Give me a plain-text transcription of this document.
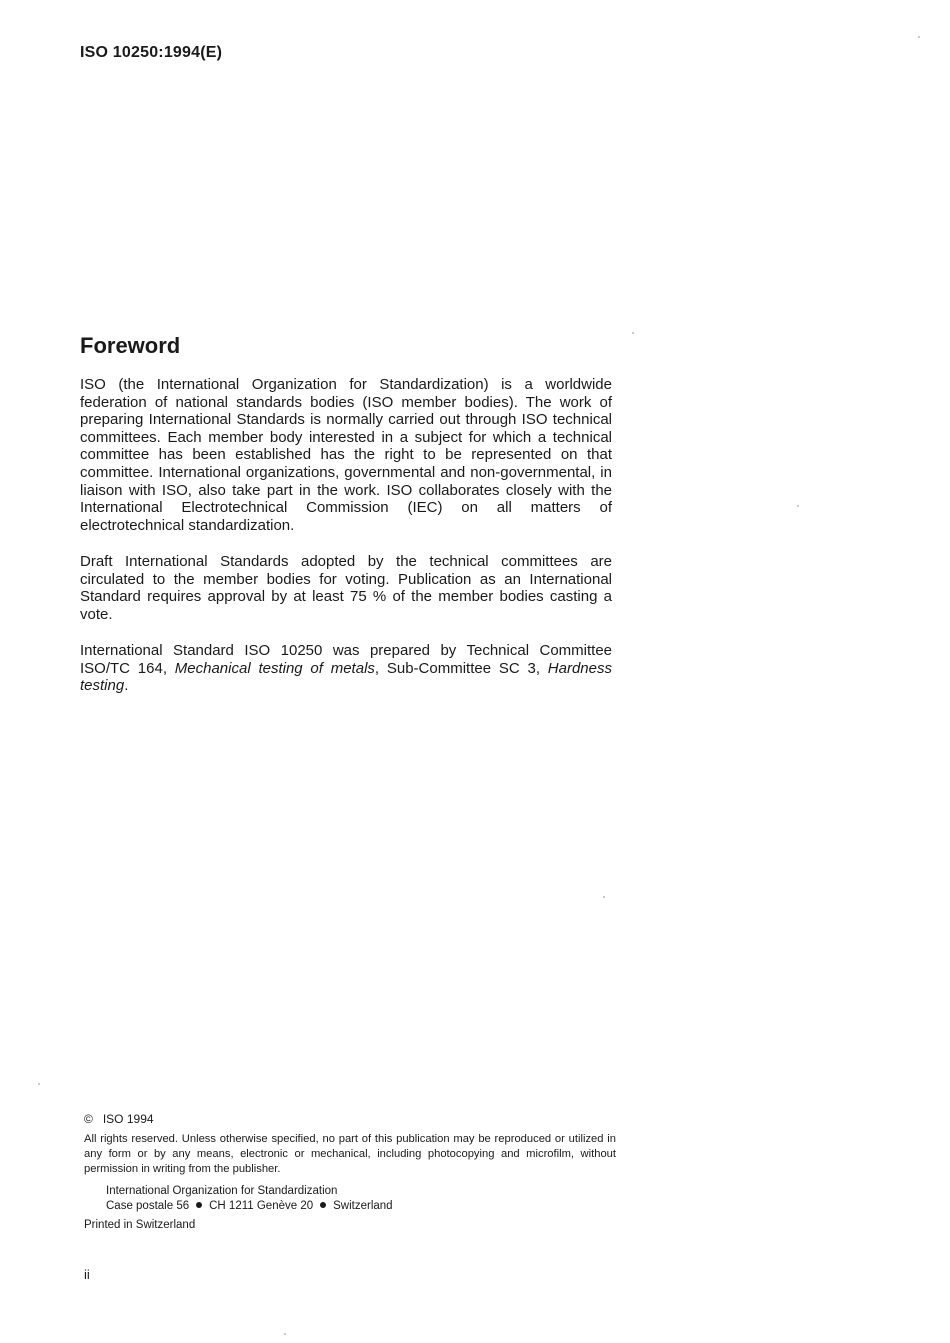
ISO 10250:1994(E)
Foreword

ISO (the International Organization for Standardization) is a worldwide federation of national standards bodies (ISO member bodies). The work of preparing International Standards is normally carried out through ISO technical committees. Each member body interested in a subject for which a technical committee has been established has the right to be represented on that committee. International organizations, governmental and non-governmental, in liaison with ISO, also take part in the work. ISO collaborates closely with the International Electrotechnical Commission (IEC) on all matters of electrotechnical standardization.

Draft International Standards adopted by the technical committees are circulated to the member bodies for voting. Publication as an International Standard requires approval by at least 75 % of the member bodies casting a vote.

International Standard ISO 10250 was prepared by Technical Committee ISO/TC 164, Mechanical testing of metals, Sub-Committee SC 3, Hardness testing.

© ISO 1994

All rights reserved. Unless otherwise specified, no part of this publication may be reproduced or utilized in any form or by any means, electronic or mechanical, including photocopying and microfilm, without permission in writing from the publisher.

International Organization for Standardization
Case postale 56 CH 1211 Genève 20 Switzerland
Printed in Switzerland
ii
